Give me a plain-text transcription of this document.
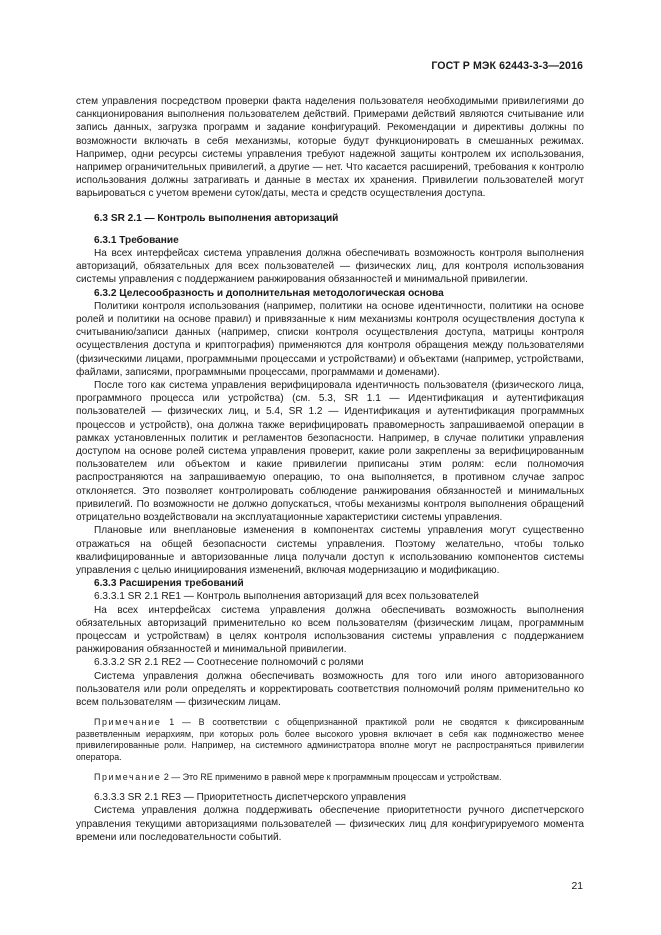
ГОСТ Р МЭК 62443-3-3—2016

стем управления посредством проверки факта наделения пользователя необходимыми привилегиями до санкционирования выполнения пользователем действий. Примерами действий являются считывание или запись данных, загрузка программ и задание конфигураций. Рекомендации и директивы должны по возможности включать в себя механизмы, которые будут функционировать в смешанных режимах. Например, одни ресурсы системы управления требуют надежной защиты контролем их использования, например ограничительных привилегий, а другие — нет. Что касается расширений, требования к контролю использования должны затрагивать и данные в местах их хранения. Привилегии пользователей могут варьироваться с учетом времени суток/даты, места и средств осуществления доступа.

6.3 SR 2.1 — Контроль выполнения авторизаций

6.3.1 Требование

На всех интерфейсах система управления должна обеспечивать возможность контроля выполнения авторизаций, обязательных для всех пользователей — физических лиц, для контроля использования системы управления с поддержанием ранжирования обязанностей и минимальной привилегии.

6.3.2 Целесообразность и дополнительная методологическая основа

Политики контроля использования (например, политики на основе идентичности, политики на основе ролей и политики на основе правил) и привязанные к ним механизмы контроля осуществления доступа к считыванию/записи данных (например, списки контроля осуществления доступа, матрицы контроля осуществления доступа и криптография) применяются для контроля обращения между пользователями (физическими лицами, программными процессами и устройствами) и объектами (например, устройствами, файлами, записями, программными процессами, программами и доменами).

После того как система управления верифицировала идентичность пользователя (физического лица, программного процесса или устройства) (см. 5.3, SR 1.1 — Идентификация и аутентификация пользователей — физических лиц, и 5.4, SR 1.2 — Идентификация и аутентификация программных процессов и устройств), она должна также верифицировать правомерность запрашиваемой операции в рамках установленных политик и регламентов безопасности. Например, в случае политики управления доступом на основе ролей система управления проверит, какие роли закреплены за верифицированным пользователем или объектом и какие привилегии приписаны этим ролям: если полномочия распространяются на запрашиваемую операцию, то она выполняется, в противном случае запрос отклоняется. Это позволяет контролировать соблюдение ранжирования обязанностей и минимальных привилегий. По возможности не должно допускаться, чтобы механизмы контроля выполнения обращений отрицательно воздействовали на эксплуатационные характеристики системы управления.

Плановые или внеплановые изменения в компонентах системы управления могут существенно отражаться на общей безопасности системы управления. Поэтому желательно, чтобы только квалифицированные и авторизованные лица получали доступ к использованию компонентов системы управления с целью инициирования изменений, включая модернизацию и модификацию.

6.3.3 Расширения требований

6.3.3.1 SR 2.1 RE1 — Контроль выполнения авторизаций для всех пользователей

На всех интерфейсах система управления должна обеспечивать возможность выполнения обязательных авторизаций применительно ко всем пользователям (физическим лицам, программным процессам и устройствам) в целях контроля использования системы управления с поддержанием ранжирования обязанностей и минимальной привилегии.

6.3.3.2 SR 2.1 RE2 — Соотнесение полномочий с ролями

Система управления должна обеспечивать возможность для того или иного авторизованного пользователя или роли определять и корректировать соответствия полномочий ролям применительно ко всем пользователям — физическим лицам.

Примечание 1 — В соответствии с общепризнанной практикой роли не сводятся к фиксированным разветвленным иерархиям, при которых роль более высокого уровня включает в себя как подмножество менее привилегированные роли. Например, на системного администратора вполне могут не распространяться привилегии оператора.

Примечание 2 — Это RE применимо в равной мере к программным процессам и устройствам.

6.3.3.3 SR 2.1 RE3 — Приоритетность диспетчерского управления

Система управления должна поддерживать обеспечение приоритетности ручного диспетчерского управления текущими авторизациями пользователей — физических лиц для конфигурируемого момента времени или последовательности событий.

21
